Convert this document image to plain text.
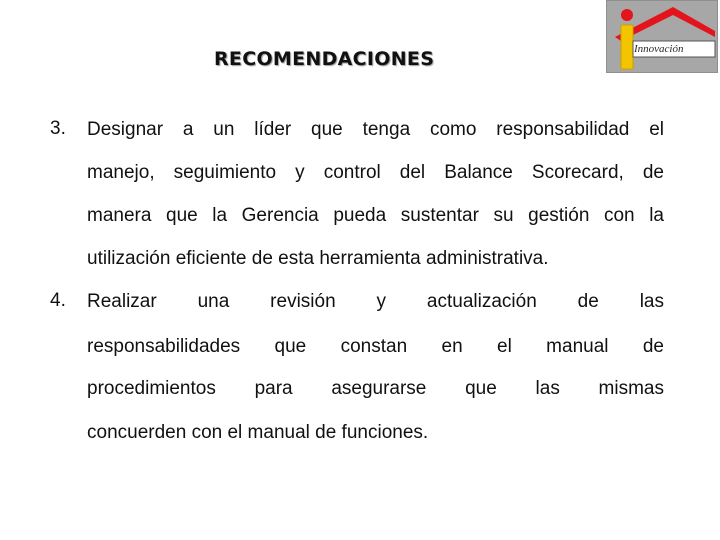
RECOMENDACIONES	Innovación
3. Designar a un líder que tenga como responsabilidad el
manejo, seguimiento y control del Balance Scorecard, de
manera que la Gerencia pueda sustentar su gestión con la
utilización eficiente de esta herramienta administrativa.
4. Realizar una revisión y actualización de las
responsabilidades que constan en el manual de
procedimientos para asegurarse que las mismas
concuerden con el manual de funciones.
